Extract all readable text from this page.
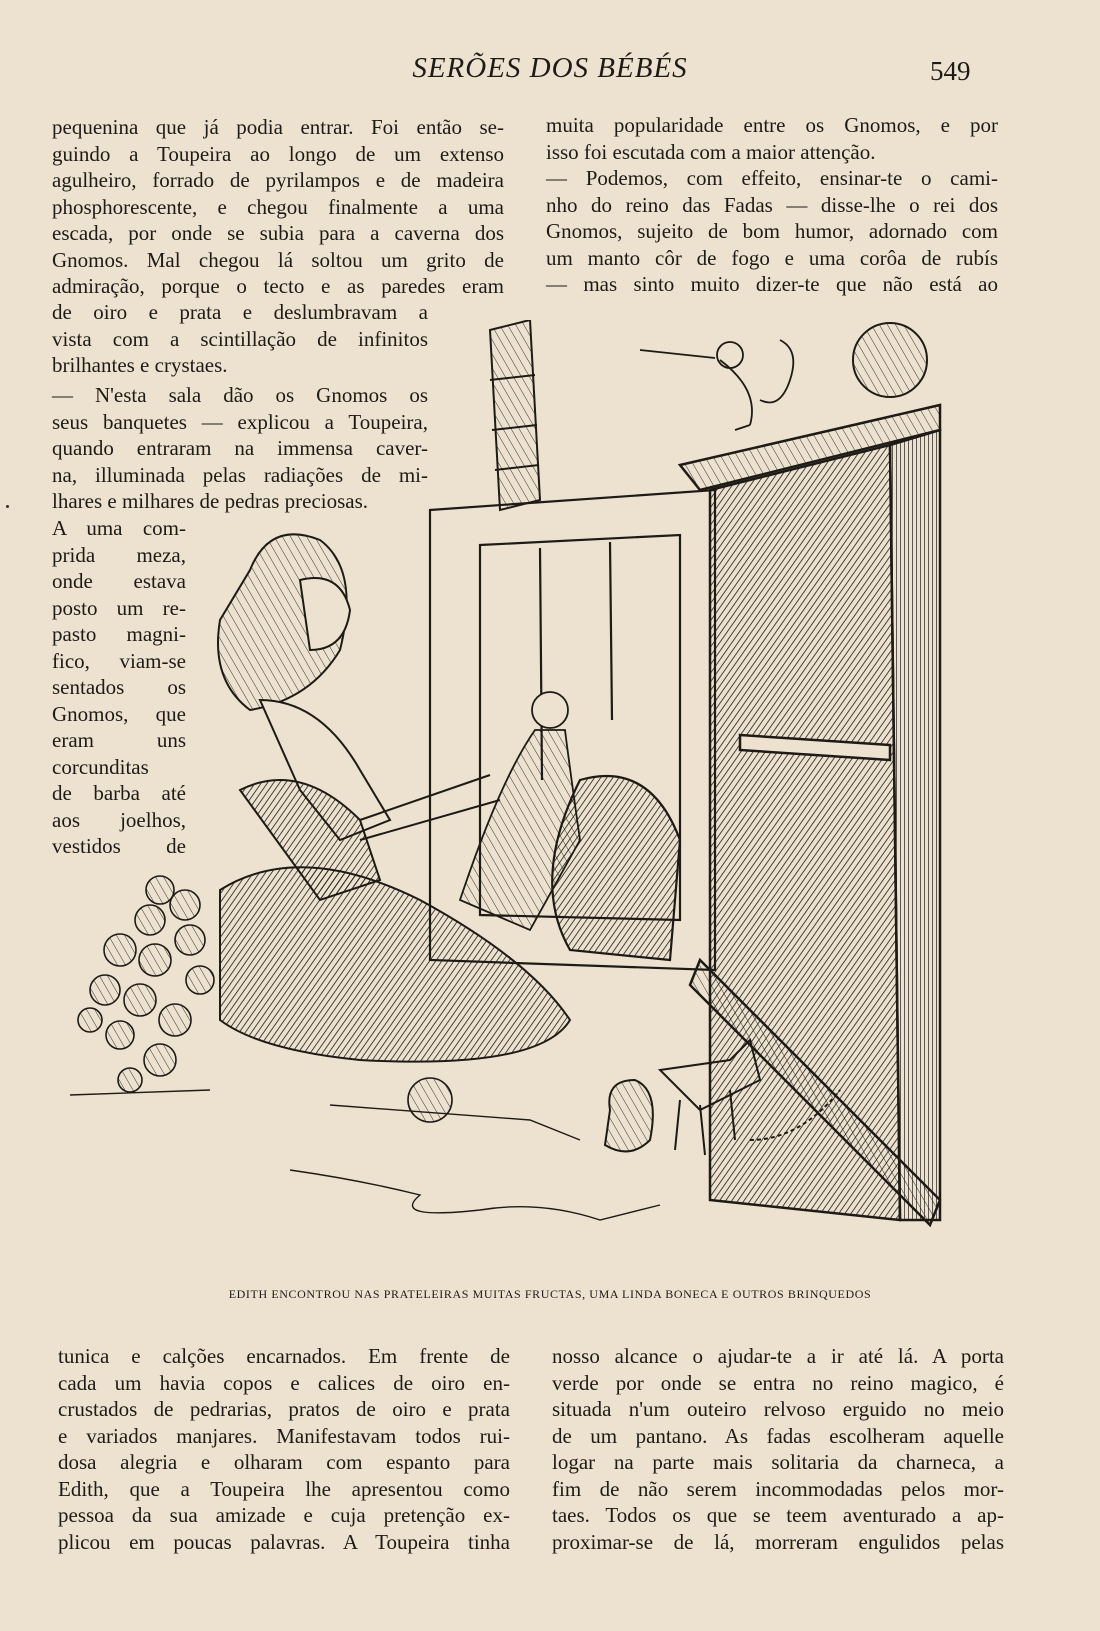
SERÕES DOS BÉBÉS	549
pequenina que já podia entrar. Foi então se-
guindo a Toupeira ao longo de um extenso
agulheiro, forrado de pyrilampos e de madeira
phosphorescente, e chegou finalmente a uma
escada, por onde se subia para a caverna dos
Gnomos. Mal chegou lá soltou um grito de
admiração, porque o tecto e as paredes eram
de oiro e prata e deslumbravam a
vista com a scintillação de infinitos
brilhantes e crystaes.
— N'esta sala dão os Gnomos os
seus banquetes — explicou a Toupeira,
quando entraram na immensa caver-
na, illuminada pelas radiações de mi-
lhares e milhares de pedras preciosas.
A uma com-
prida meza,
onde estava
posto um re-
pasto magni-
fico, viam-se
sentados os
Gnomos, que
eram uns
corcunditas
de barba até
aos joelhos,
vestidos de
muita popularidade entre os Gnomos, e por
isso foi escutada com a maior attenção.
— Podemos, com effeito, ensinar-te o cami-
nho do reino das Fadas — disse-lhe o rei dos
Gnomos, sujeito de bom humor, adornado com
um manto côr de fogo e uma corôa de rubís
— mas sinto muito dizer-te que não está ao
EDITH ENCONTROU NAS PRATELEIRAS MUITAS FRUCTAS, UMA LINDA BONECA E OUTROS BRINQUEDOS
tunica e calções encarnados. Em frente de
cada um havia copos e calices de oiro en-
crustados de pedrarias, pratos de oiro e prata
e variados manjares. Manifestavam todos rui-
dosa alegria e olharam com espanto para
Edith, que a Toupeira lhe apresentou como
pessoa da sua amizade e cuja pretenção ex-
plicou em poucas palavras. A Toupeira tinha
nosso alcance o ajudar-te a ir até lá. A porta
verde por onde se entra no reino magico, é
situada n'um outeiro relvoso erguido no meio
de um pantano. As fadas escolheram aquelle
logar na parte mais solitaria da charneca, a
fim de não serem incommodadas pelos mor-
taes. Todos os que se teem aventurado a ap-
proximar-se de lá, morreram engulidos pelas
